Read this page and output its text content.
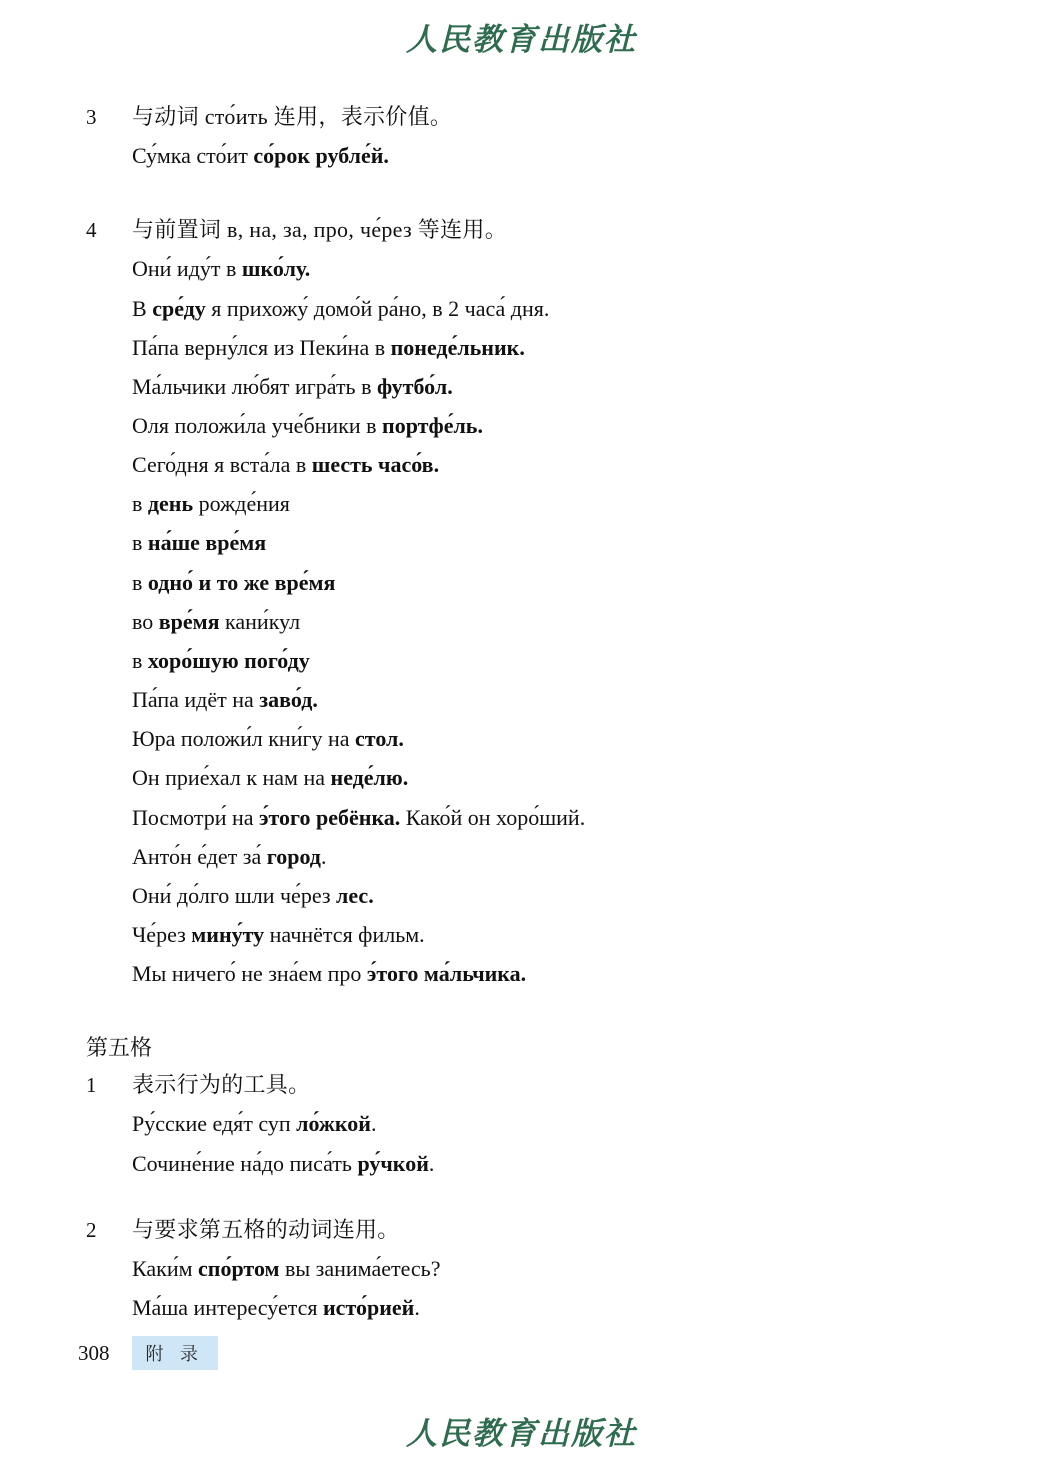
人民教育出版社
3	与动词 сто́ить 连用，表示价值。
Су́мка сто́ит со́рок рубле́й.
4	与前置词 в, на, за, про, че́рез 等连用。
Они́ иду́т в шко́лу.
В сре́ду я прихожу́ домо́й ра́но, в 2 часа́ дня.
Па́па верну́лся из Пеки́на в понеде́льник.
Ма́льчики лю́бят игра́ть в футбо́л.
Оля положи́ла уче́бники в портфе́ль.
Сего́дня я вста́ла в шесть часо́в.
в день рожде́ния
в на́ше вре́мя
в одно́ и то же вре́мя
во вре́мя кани́кул
в хоро́шую пого́ду
Па́па идёт на заво́д.
Юра положи́л кни́гу на стол.
Он прие́хал к нам на неде́лю.
Посмотри́ на э́того ребёнка. Како́й он хоро́ший.
Анто́н е́дет за́ город.
Они́ до́лго шли че́рез лес.
Че́рез мину́ту начнётся фильм.
Мы ничего́ не зна́ем про э́того ма́льчика.
第五格
1	表示行为的工具。
Ру́сские едя́т суп ло́жкой.
Сочине́ние на́до писа́ть ру́чкой.
2	与要求第五格的动词连用。
Каки́м спо́ртом вы занима́етесь?
Ма́ша интересу́ется исто́рией.
308	附 录
人民教育出版社
